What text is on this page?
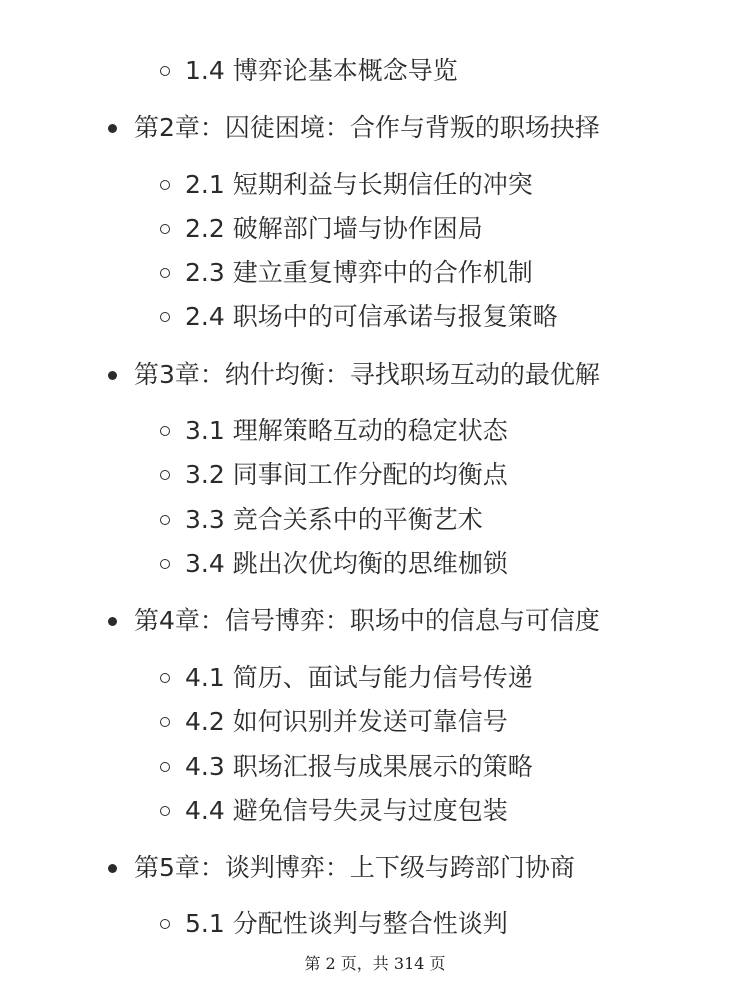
1.4 博弈论基本概念导览
第2章：囚徒困境：合作与背叛的职场抉择
2.1 短期利益与长期信任的冲突
2.2 破解部门墙与协作困局
2.3 建立重复博弈中的合作机制
2.4 职场中的可信承诺与报复策略
第3章：纳什均衡：寻找职场互动的最优解
3.1 理解策略互动的稳定状态
3.2 同事间工作分配的均衡点
3.3 竞合关系中的平衡艺术
3.4 跳出次优均衡的思维枷锁
第4章：信号博弈：职场中的信息与可信度
4.1 简历、面试与能力信号传递
4.2 如何识别并发送可靠信号
4.3 职场汇报与成果展示的策略
4.4 避免信号失灵与过度包装
第5章：谈判博弈：上下级与跨部门协商
5.1 分配性谈判与整合性谈判
第 2 页，共 314 页
